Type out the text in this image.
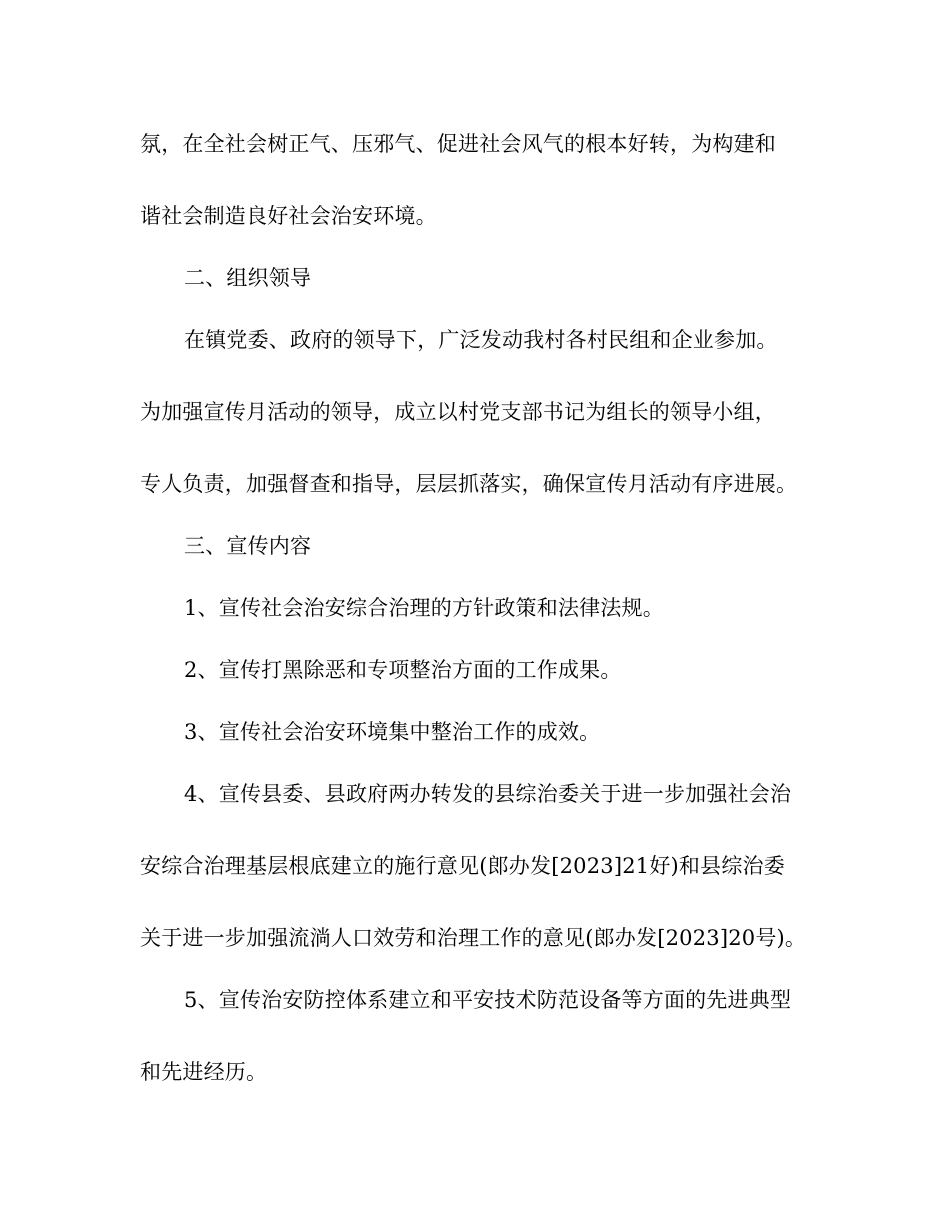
氛，在全社会树正气、压邪气、促进社会风气的根本好转，为构建和
谐社会制造良好社会治安环境。
二、组织领导
在镇党委、政府的领导下，广泛发动我村各村民组和企业参加。
为加强宣传月活动的领导，成立以村党支部书记为组长的领导小组，
专人负责，加强督查和指导，层层抓落实，确保宣传月活动有序进展。
三、宣传内容
1、宣传社会治安综合治理的方针政策和法律法规。
2、宣传打黑除恶和专项整治方面的工作成果。
3、宣传社会治安环境集中整治工作的成效。
4、宣传县委、县政府两办转发的县综治委关于进一步加强社会治
安综合治理基层根底建立的施行意见(郎办发[2023]21好)和县综治委
关于进一步加强流淌人口效劳和治理工作的意见(郎办发[2023]20号)。
5、宣传治安防控体系建立和平安技术防范设备等方面的先进典型
和先进经历。
